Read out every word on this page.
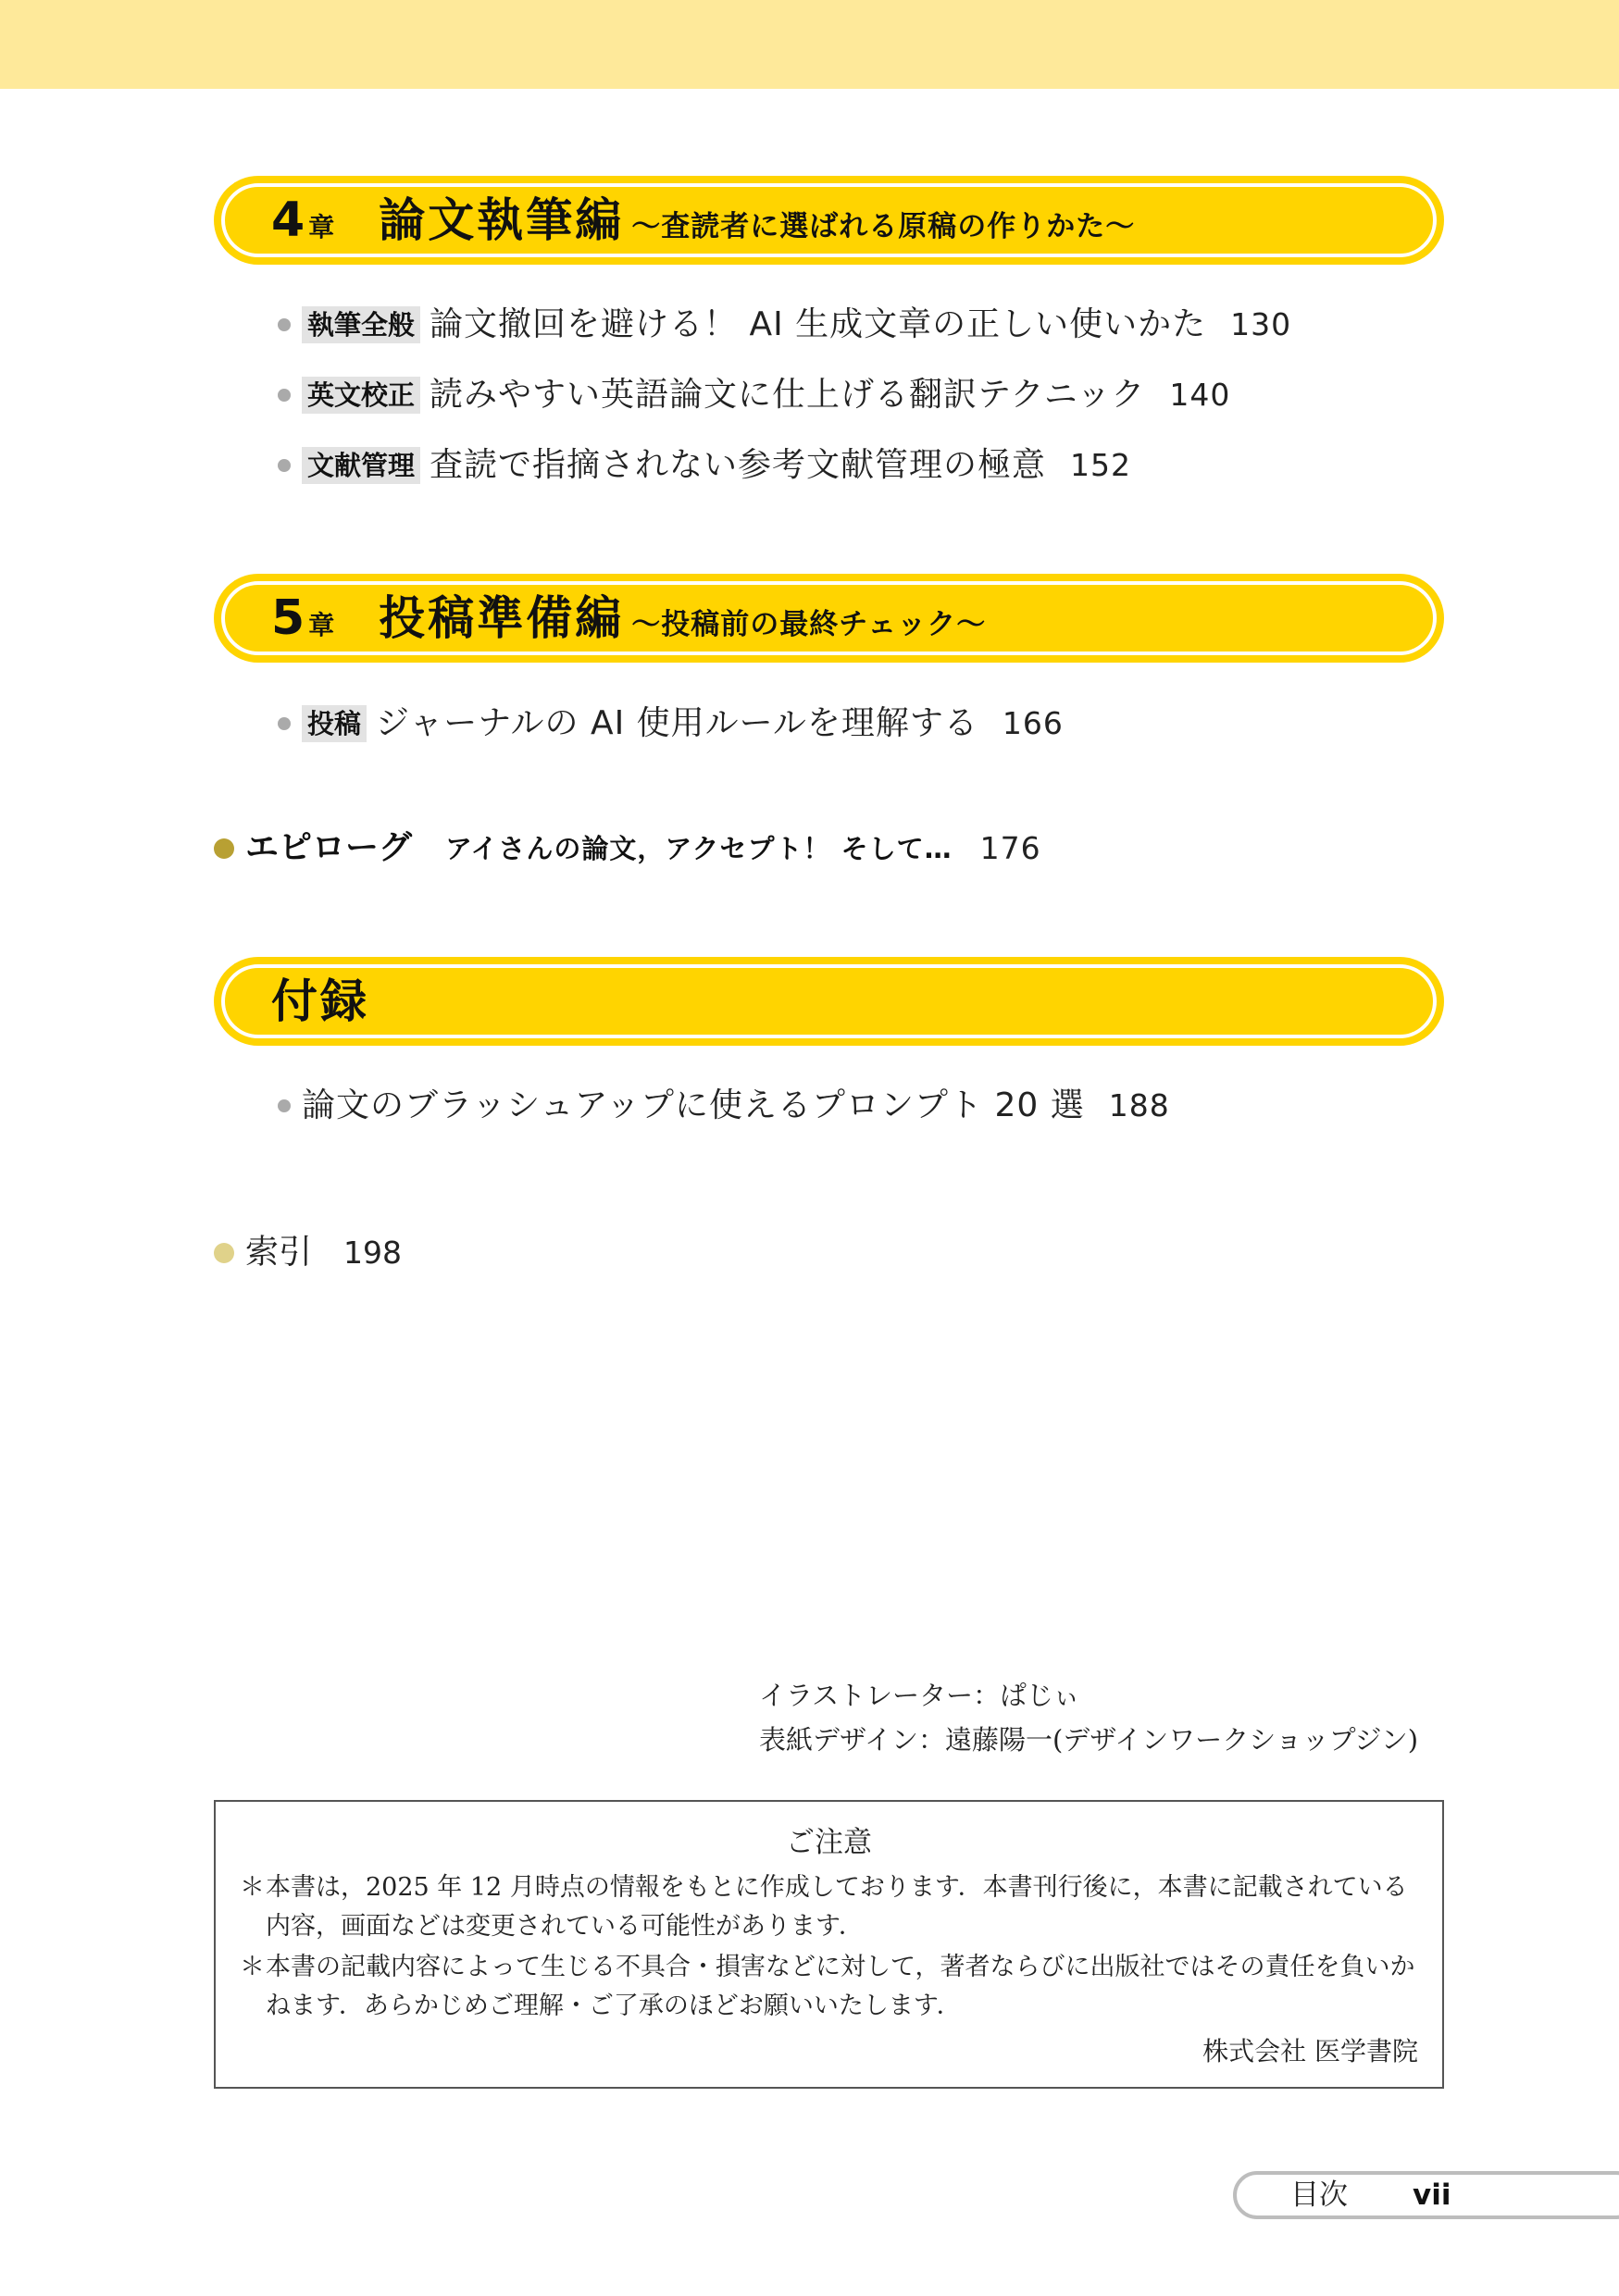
4 章 論文執筆編 ～査読者に選ばれる原稿の作りかた～
執筆全般 論文撤回を避ける！ AI 生成文章の正しい使いかた 130
英文校正 読みやすい英語論文に仕上げる翻訳テクニック 140
文献管理 査読で指摘されない参考文献管理の極意 152
5 章 投稿準備編 ～投稿前の最終チェック～
投稿 ジャーナルの AI 使用ルールを理解する 166
エピローグ アイさんの論文，アクセプト！ そして… 176
付録
論文のブラッシュアップに使えるプロンプト 20 選 188
索引 198
イラストレーター：ぱじぃ
表紙デザイン：遠藤陽一(デザインワークショップジン)
ご注意
＊ 本書は，2025 年 12 月時点の情報をもとに作成しております．本書刊行後に，本書に記載されている内容，画面などは変更されている可能性があります．
＊ 本書の記載内容によって生じる不具合・損害などに対して，著者ならびに出版社ではその責任を負いかねます．あらかじめご理解・ご了承のほどお願いいたします．
株式会社 医学書院
目次 vii
